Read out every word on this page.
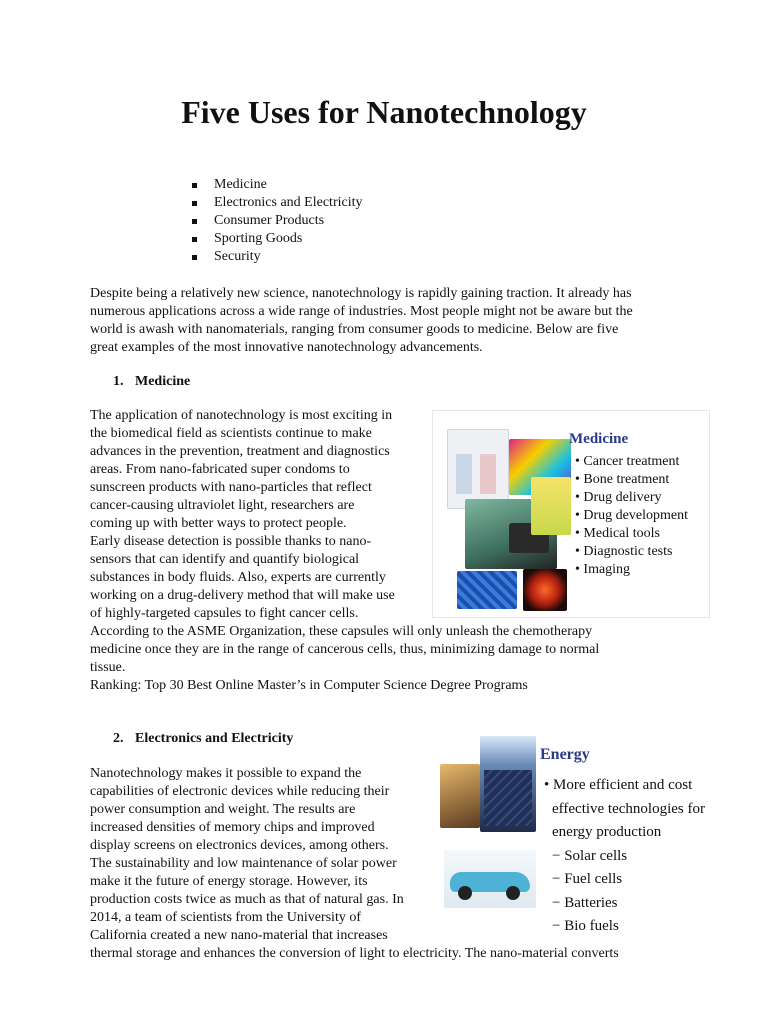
Five Uses for Nanotechnology
Medicine
Electronics and Electricity
Consumer Products
Sporting Goods
Security
Despite being a relatively new science, nanotechnology is rapidly gaining traction. It already has
numerous applications across a wide range of industries. Most people might not be aware but the
world is awash with nanomaterials, ranging from consumer goods to medicine. Below are five
great examples of the most innovative nanotechnology advancements.
1. Medicine
The application of nanotechnology is most exciting in
the biomedical field as scientists continue to make
advances in the prevention, treatment and diagnostics
areas. From nano-fabricated super condoms to
sunscreen products with nano-particles that reflect
cancer-causing ultraviolet light, researchers are
coming up with better ways to protect people.
Early disease detection is possible thanks to nano-
sensors that can identify and quantify biological
substances in body fluids. Also, experts are currently
working on a drug-delivery method that will make use
of highly-targeted capsules to fight cancer cells.
According to the ASME Organization, these capsules will only unleash the chemotherapy
medicine once they are in the range of cancerous cells, thus, minimizing damage to normal
tissue.
Ranking: Top 30 Best Online Master’s in Computer Science Degree Programs
Medicine
• Cancer treatment
• Bone treatment
• Drug delivery
• Drug development
• Medical tools
• Diagnostic tests
• Imaging
2. Electronics and Electricity
Nanotechnology makes it possible to expand the
capabilities of electronic devices while reducing their
power consumption and weight. The results are
increased densities of memory chips and improved
display screens on electronics devices, among others.
The sustainability and low maintenance of solar power
make it the future of energy storage. However, its
production costs twice as much as that of natural gas. In
2014, a team of scientists from the University of
California created a new nano-material that increases
thermal storage and enhances the conversion of light to electricity. The nano-material converts
Energy
• More efficient and cost
effective technologies for
energy production
− Solar cells
− Fuel cells
− Batteries
− Bio fuels
